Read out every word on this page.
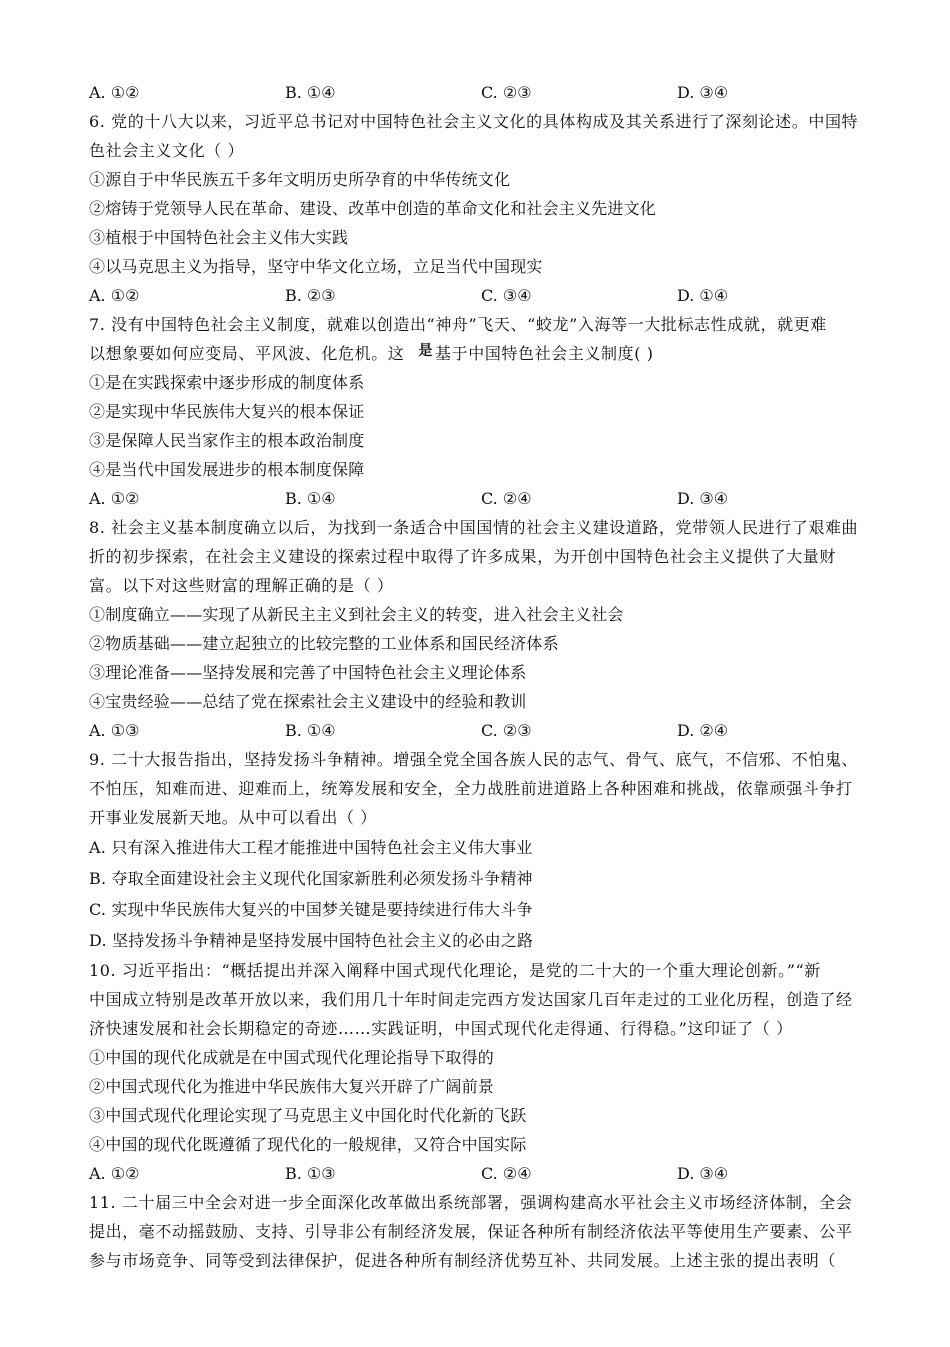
A. ①②	B. ①④	C. ②③	D. ③④
6. 党的十八大以来，习近平总书记对中国特色社会主义文化的具体构成及其关系进行了深刻论述。中国特
色社会主义文化（ ）
①源自于中华民族五千多年文明历史所孕育的中华传统文化
②熔铸于党领导人民在革命、建设、改革中创造的革命文化和社会主义先进文化
③植根于中国特色社会主义伟大实践
④以马克思主义为指导，坚守中华文化立场，立足当代中国现实
A. ①②	B. ②③	C. ③④	D. ①④
7. 没有中国特色社会主义制度，就难以创造出“神舟”飞天、“蛟龙”入海等一大批标志性成就，就更难
以想象要如何应变局、平风波、化危机。这 是 基于中国特色社会主义制度( )
①是在实践探索中逐步形成的制度体系
②是实现中华民族伟大复兴的根本保证
③是保障人民当家作主的根本政治制度
④是当代中国发展进步的根本制度保障
A. ①②	B. ①④	C. ②④	D. ③④
8. 社会主义基本制度确立以后，为找到一条适合中国国情的社会主义建设道路，党带领人民进行了艰难曲
折的初步探索，在社会主义建设的探索过程中取得了许多成果，为开创中国特色社会主义提供了大量财
富。以下对这些财富的理解正确的是（ ）
①制度确立——实现了从新民主主义到社会主义的转变，进入社会主义社会
②物质基础——建立起独立的比较完整的工业体系和国民经济体系
③理论准备——坚持发展和完善了中国特色社会主义理论体系
④宝贵经验——总结了党在探索社会主义建设中的经验和教训
A. ①③	B. ①④	C. ②③	D. ②④
9. 二十大报告指出，坚持发扬斗争精神。增强全党全国各族人民的志气、骨气、底气，不信邪、不怕鬼、
不怕压，知难而进、迎难而上，统筹发展和安全，全力战胜前进道路上各种困难和挑战，依靠顽强斗争打
开事业发展新天地。从中可以看出（ ）
A. 只有深入推进伟大工程才能推进中国特色社会主义伟大事业
B. 夺取全面建设社会主义现代化国家新胜利必须发扬斗争精神
C. 实现中华民族伟大复兴的中国梦关键是要持续进行伟大斗争
D. 坚持发扬斗争精神是坚持发展中国特色社会主义的必由之路
10. 习近平指出：“概括提出并深入阐释中国式现代化理论，是党的二十大的一个重大理论创新。”“新
中国成立特别是改革开放以来，我们用几十年时间走完西方发达国家几百年走过的工业化历程，创造了经
济快速发展和社会长期稳定的奇迹……实践证明，中国式现代化走得通、行得稳。”这印证了（ ）
①中国的现代化成就是在中国式现代化理论指导下取得的
②中国式现代化为推进中华民族伟大复兴开辟了广阔前景
③中国式现代化理论实现了马克思主义中国化时代化新的飞跃
④中国的现代化既遵循了现代化的一般规律，又符合中国实际
A. ①②	B. ①③	C. ②④	D. ③④
11. 二十届三中全会对进一步全面深化改革做出系统部署，强调构建高水平社会主义市场经济体制，全会
提出，毫不动摇鼓励、支持、引导非公有制经济发展，保证各种所有制经济依法平等使用生产要素、公平
参与市场竞争、同等受到法律保护，促进各种所有制经济优势互补、共同发展。上述主张的提出表明（
